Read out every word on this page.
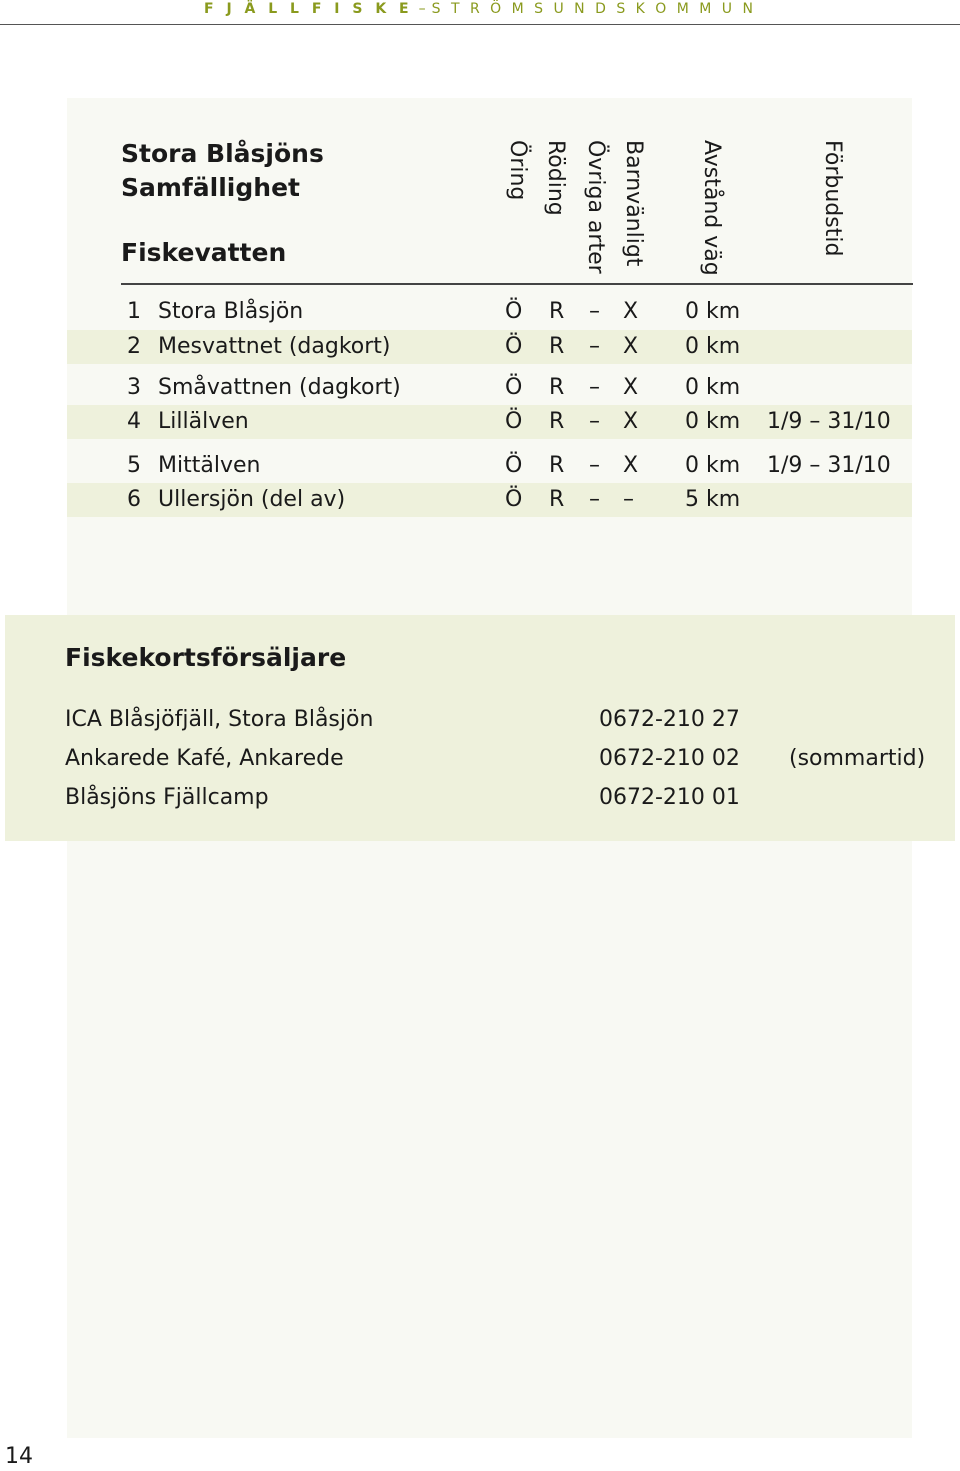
F J Ä L L F I S K E – S T R Ö M S U N D S K O M M U N
Stora Blåsjöns
Samfällighet
Fiskevatten
Öring Röding Övriga arter Barnvänligt Avstånd väg	Förbudstid
1 Stora Blåsjön	Ö R – X 0 km
2 Mesvattnet (dagkort)	Ö R – X 0 km
3 Småvattnen (dagkort)	Ö R – X 0 km
4 Lillälven	Ö R – X 0 km 1/9 – 31/10
5 Mittälven	Ö R – X 0 km 1/9 – 31/10
6 Ullersjön (del av)	Ö R – – 5 km
Fiskekortsförsäljare
ICA Blåsjöfjäll, Stora Blåsjön	0672-210 27
Ankarede Kafé, Ankarede	0672-210 02 (sommartid)
Blåsjöns Fjällcamp	0672-210 01
14
